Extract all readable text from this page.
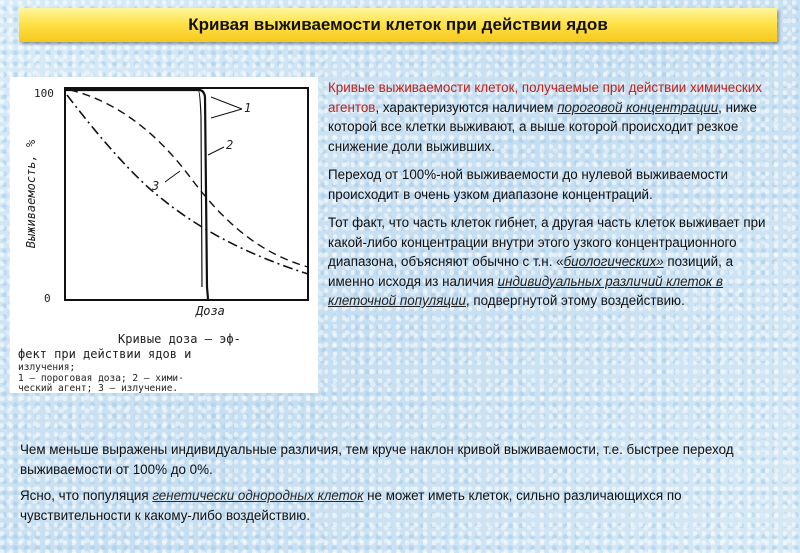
Кривая выживаемости клеток при действии ядов
Выживаемость, %
100
0
1
2
3
Доза
Кривые доза — эф-
фект при действии ядов и
излучения;
1 — пороговая доза; 2 — хими-
ческий агент; 3 — излучение.

Кривые выживаемости клеток, получаемые при действии химических агентов, характеризуются наличием пороговой концентрации, ниже которой все клетки выживают, а выше которой происходит резкое снижение доли выживших.

Переход от 100%-ной выживаемости до нулевой выживаемости происходит в очень узком диапазоне концентраций.

Тот факт, что часть клеток гибнет, а другая часть клеток выживает при какой-либо концентрации внутри этого узкого концентрационного диапазона, объясняют обычно с т.н. «биологических» позиций, а именно исходя из наличия индивидуальных различий клеток в клеточной популяции, подвергнутой этому воздействию.

Чем меньше выражены индивидуальные различия, тем круче наклон кривой выживаемости, т.е. быстрее переход выживаемости от 100% до 0%.

Ясно, что популяция генетически однородных клеток не может иметь клеток, сильно различающихся по чувствительности к какому-либо воздействию.
